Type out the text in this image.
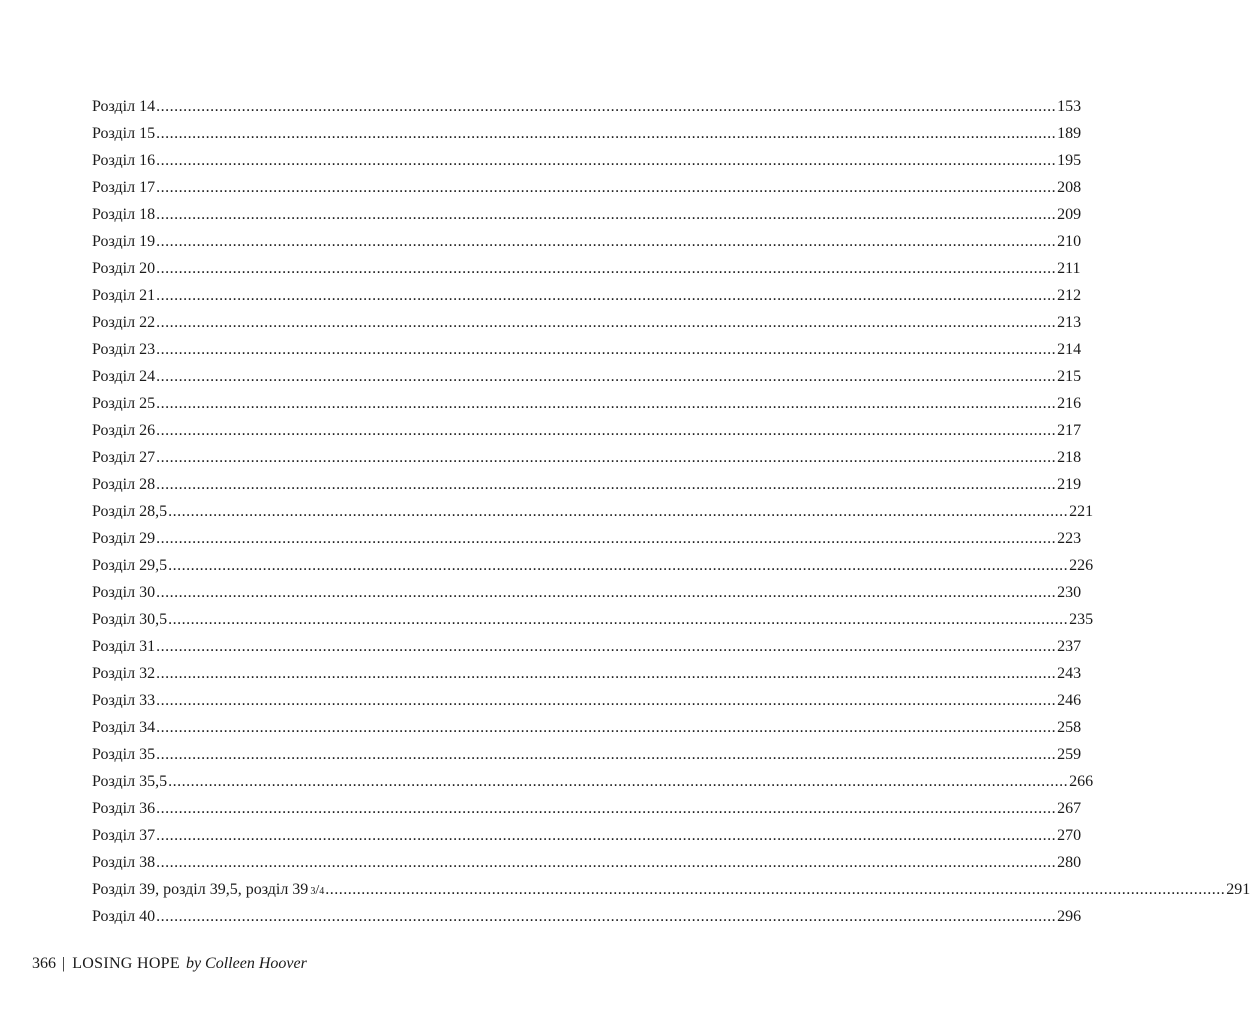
Розділ 14 ........................................................................................................................................................................................................ 153
Розділ 15 ........................................................................................................................................................................................................ 189
Розділ 16 ........................................................................................................................................................................................................ 195
Розділ 17 ........................................................................................................................................................................................................ 208
Розділ 18 ........................................................................................................................................................................................................ 209
Розділ 19 ........................................................................................................................................................................................................ 210
Розділ 20 ........................................................................................................................................................................................................ 211
Розділ 21 ........................................................................................................................................................................................................ 212
Розділ 22 ........................................................................................................................................................................................................ 213
Розділ 23 ........................................................................................................................................................................................................ 214
Розділ 24 ........................................................................................................................................................................................................ 215
Розділ 25 ........................................................................................................................................................................................................ 216
Розділ 26 ........................................................................................................................................................................................................ 217
Розділ 27 ........................................................................................................................................................................................................ 218
Розділ 28 ........................................................................................................................................................................................................ 219
Розділ 28,5 ........................................................................................................................................................................................................ 221
Розділ 29 ........................................................................................................................................................................................................ 223
Розділ 29,5 ........................................................................................................................................................................................................ 226
Розділ 30 ........................................................................................................................................................................................................ 230
Розділ 30,5 ........................................................................................................................................................................................................ 235
Розділ 31 ........................................................................................................................................................................................................ 237
Розділ 32 ........................................................................................................................................................................................................ 243
Розділ 33 ........................................................................................................................................................................................................ 246
Розділ 34 ........................................................................................................................................................................................................ 258
Розділ 35 ........................................................................................................................................................................................................ 259
Розділ 35,5 ........................................................................................................................................................................................................ 266
Розділ 36 ........................................................................................................................................................................................................ 267
Розділ 37 ........................................................................................................................................................................................................ 270
Розділ 38 ........................................................................................................................................................................................................ 280
Розділ 39, розділ 39,5, розділ 39 3 / 4 ........................................................................................................................................................................................................ 291
Розділ 40 ........................................................................................................................................................................................................ 296
366 | LOSING HOPE by Colleen Hoover
